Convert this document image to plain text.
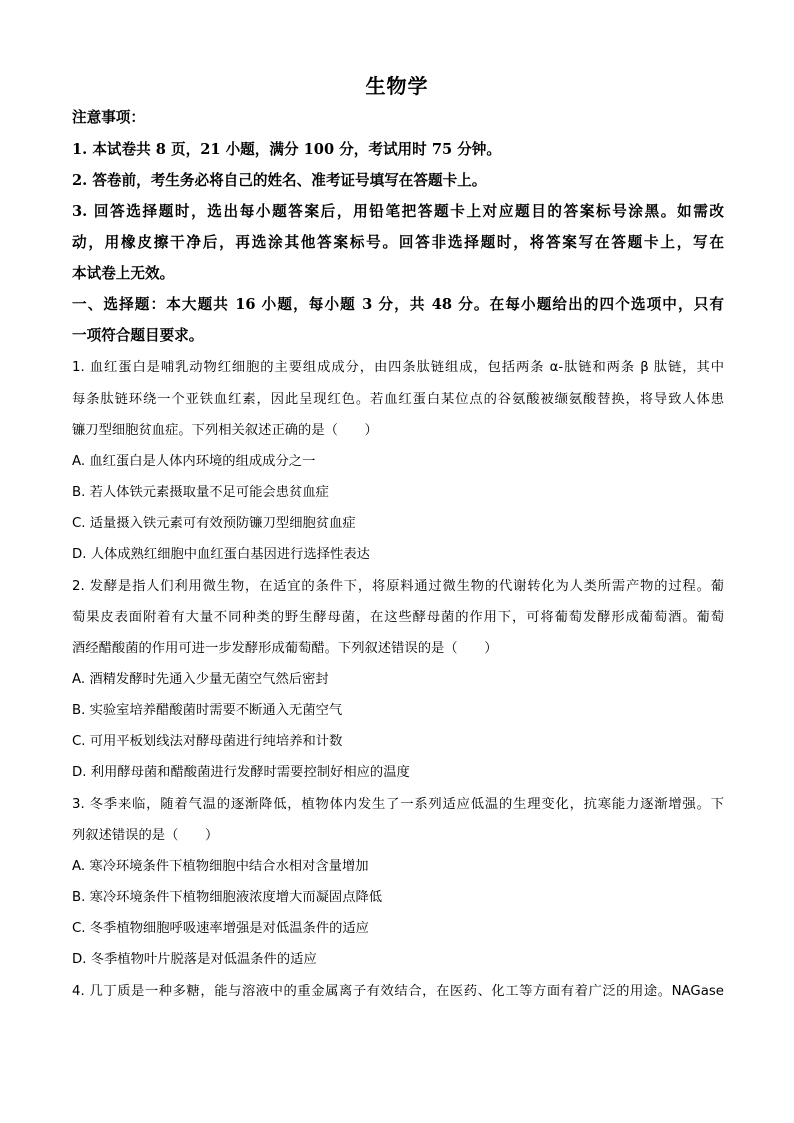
生物学
注意事项：
1. 本试卷共 8 页，21 小题，满分 100 分，考试用时 75 分钟。
2. 答卷前，考生务必将自己的姓名、准考证号填写在答题卡上。
3. 回答选择题时，选出每小题答案后，用铅笔把答题卡上对应题目的答案标号涂黑。如需改
动，用橡皮擦干净后，再选涂其他答案标号。回答非选择题时，将答案写在答题卡上，写在
本试卷上无效。
一、选择题：本大题共 16 小题，每小题 3 分，共 48 分。在每小题给出的四个选项中，只有
一项符合题目要求。
1. 血红蛋白是哺乳动物红细胞的主要组成成分，由四条肽链组成，包括两条 α-肽链和两条 β 肽链，其中
每条肽链环绕一个亚铁血红素，因此呈现红色。若血红蛋白某位点的谷氨酸被缬氨酸替换，将导致人体患
镰刀型细胞贫血症。下列相关叙述正确的是（　　）
A. 血红蛋白是人体内环境的组成成分之一
B. 若人体铁元素摄取量不足可能会患贫血症
C. 适量摄入铁元素可有效预防镰刀型细胞贫血症
D. 人体成熟红细胞中血红蛋白基因进行选择性表达
2. 发酵是指人们利用微生物，在适宜的条件下，将原料通过微生物的代谢转化为人类所需产物的过程。葡
萄果皮表面附着有大量不同种类的野生酵母菌，在这些酵母菌的作用下，可将葡萄发酵形成葡萄酒。葡萄
酒经醋酸菌的作用可进一步发酵形成葡萄醋。下列叙述错误的是（　　）
A. 酒精发酵时先通入少量无菌空气然后密封
B. 实验室培养醋酸菌时需要不断通入无菌空气
C. 可用平板划线法对酵母菌进行纯培养和计数
D. 利用酵母菌和醋酸菌进行发酵时需要控制好相应的温度
3. 冬季来临，随着气温的逐渐降低，植物体内发生了一系列适应低温的生理变化，抗寒能力逐渐增强。下
列叙述错误的是（　　）
A. 寒冷环境条件下植物细胞中结合水相对含量增加
B. 寒冷环境条件下植物细胞液浓度增大而凝固点降低
C. 冬季植物细胞呼吸速率增强是对低温条件的适应
D. 冬季植物叶片脱落是对低温条件的适应
4. 几丁质是一种多糖，能与溶液中的重金属离子有效结合，在医药、化工等方面有着广泛的用途。NAGase
